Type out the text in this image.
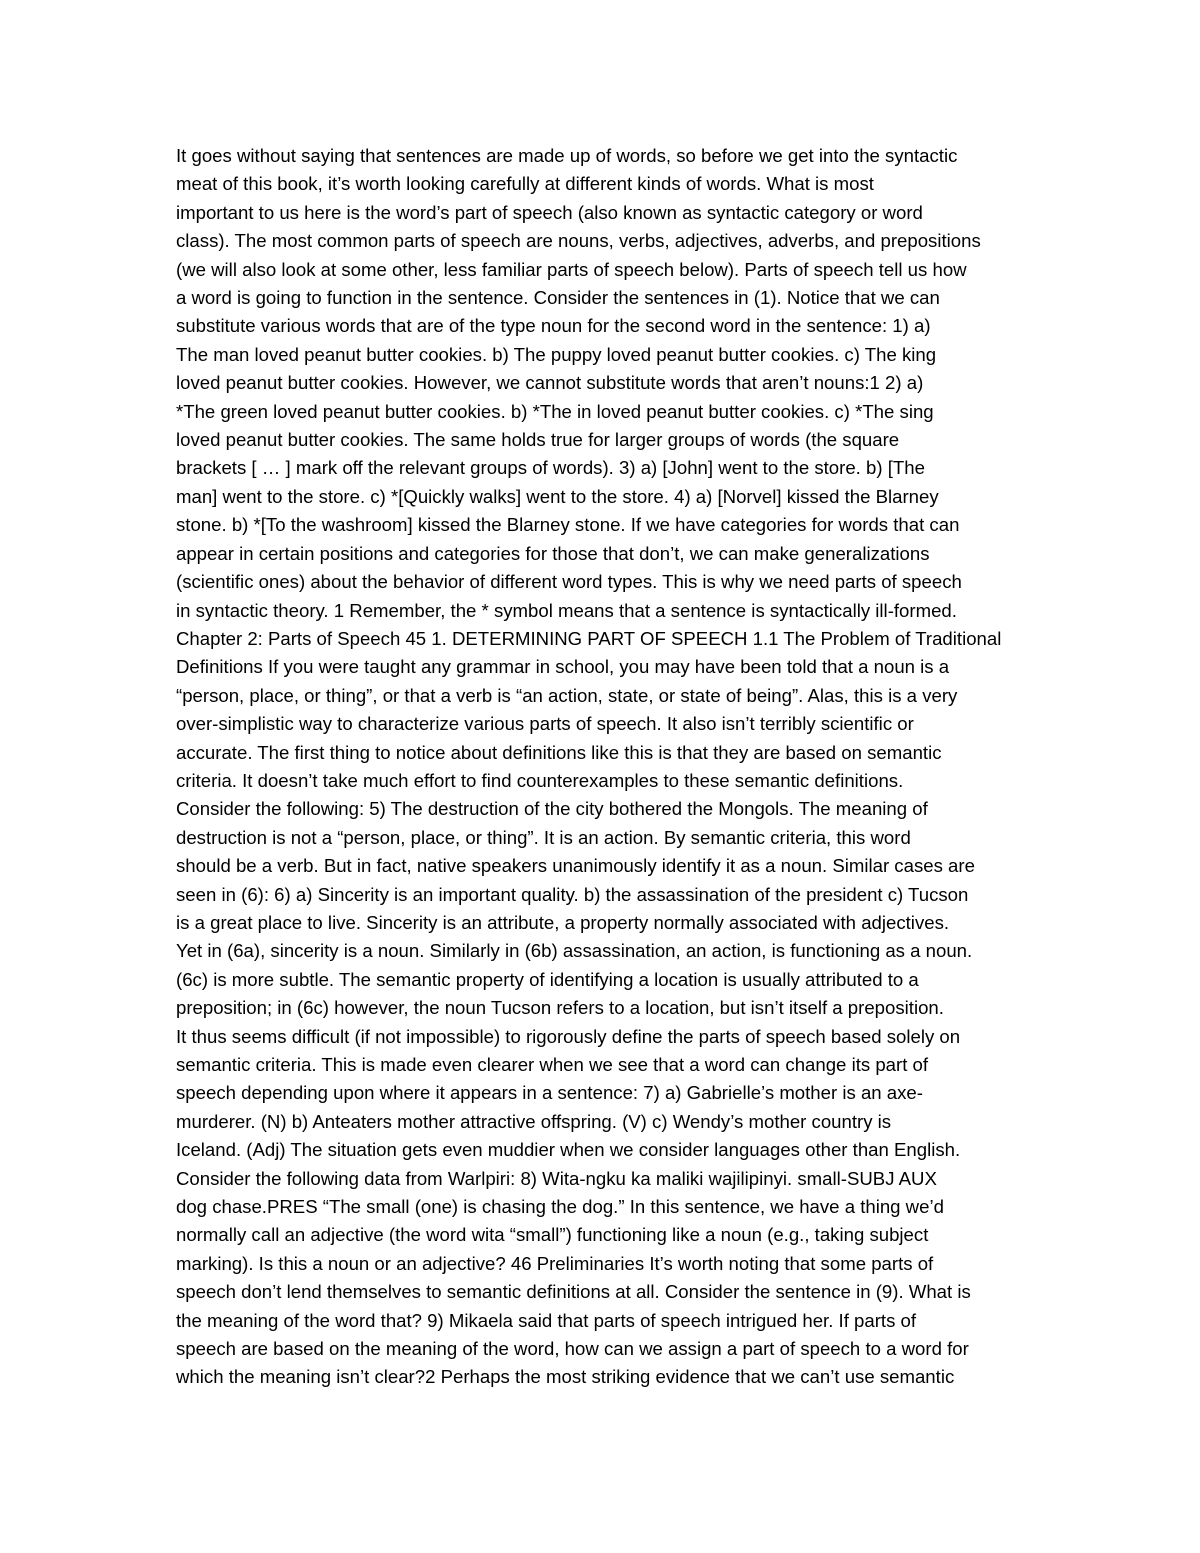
It goes without saying that sentences are made up of words, so before we get into the syntactic
meat of this book, it’s worth looking carefully at different kinds of words. What is most
important to us here is the word’s part of speech (also known as syntactic category or word
class). The most common parts of speech are nouns, verbs, adjectives, adverbs, and prepositions
(we will also look at some other, less familiar parts of speech below). Parts of speech tell us how
a word is going to function in the sentence. Consider the sentences in (1). Notice that we can
substitute various words that are of the type noun for the second word in the sentence: 1) a)
The man loved peanut butter cookies. b) The puppy loved peanut butter cookies. c) The king
loved peanut butter cookies. However, we cannot substitute words that aren’t nouns:1 2) a)
*The green loved peanut butter cookies. b) *The in loved peanut butter cookies. c) *The sing
loved peanut butter cookies. The same holds true for larger groups of words (the square
brackets [ … ] mark off the relevant groups of words). 3) a) [John] went to the store. b) [The
man] went to the store. c) *[Quickly walks] went to the store. 4) a) [Norvel] kissed the Blarney
stone. b) *[To the washroom] kissed the Blarney stone. If we have categories for words that can
appear in certain positions and categories for those that don’t, we can make generalizations
(scientific ones) about the behavior of different word types. This is why we need parts of speech
in syntactic theory. 1 Remember, the * symbol means that a sentence is syntactically ill-formed.
Chapter 2: Parts of Speech 45 1. DETERMINING PART OF SPEECH 1.1 The Problem of Traditional
Definitions If you were taught any grammar in school, you may have been told that a noun is a
“person, place, or thing”, or that a verb is “an action, state, or state of being”. Alas, this is a very
over-simplistic way to characterize various parts of speech. It also isn’t terribly scientific or
accurate. The first thing to notice about definitions like this is that they are based on semantic
criteria. It doesn’t take much effort to find counterexamples to these semantic definitions.
Consider the following: 5) The destruction of the city bothered the Mongols. The meaning of
destruction is not a “person, place, or thing”. It is an action. By semantic criteria, this word
should be a verb. But in fact, native speakers unanimously identify it as a noun. Similar cases are
seen in (6): 6) a) Sincerity is an important quality. b) the assassination of the president c) Tucson
is a great place to live. Sincerity is an attribute, a property normally associated with adjectives.
Yet in (6a), sincerity is a noun. Similarly in (6b) assassination, an action, is functioning as a noun.
(6c) is more subtle. The semantic property of identifying a location is usually attributed to a
preposition; in (6c) however, the noun Tucson refers to a location, but isn’t itself a preposition.
It thus seems difficult (if not impossible) to rigorously define the parts of speech based solely on
semantic criteria. This is made even clearer when we see that a word can change its part of
speech depending upon where it appears in a sentence: 7) a) Gabrielle’s mother is an axe-
murderer. (N) b) Anteaters mother attractive offspring. (V) c) Wendy’s mother country is
Iceland. (Adj) The situation gets even muddier when we consider languages other than English.
Consider the following data from Warlpiri: 8) Wita-ngku ka maliki wajilipinyi. small-SUBJ AUX
dog chase.PRES “The small (one) is chasing the dog.” In this sentence, we have a thing we’d
normally call an adjective (the word wita “small”) functioning like a noun (e.g., taking subject
marking). Is this a noun or an adjective? 46 Preliminaries It’s worth noting that some parts of
speech don’t lend themselves to semantic definitions at all. Consider the sentence in (9). What is
the meaning of the word that? 9) Mikaela said that parts of speech intrigued her. If parts of
speech are based on the meaning of the word, how can we assign a part of speech to a word for
which the meaning isn’t clear?2 Perhaps the most striking evidence that we can’t use semantic
